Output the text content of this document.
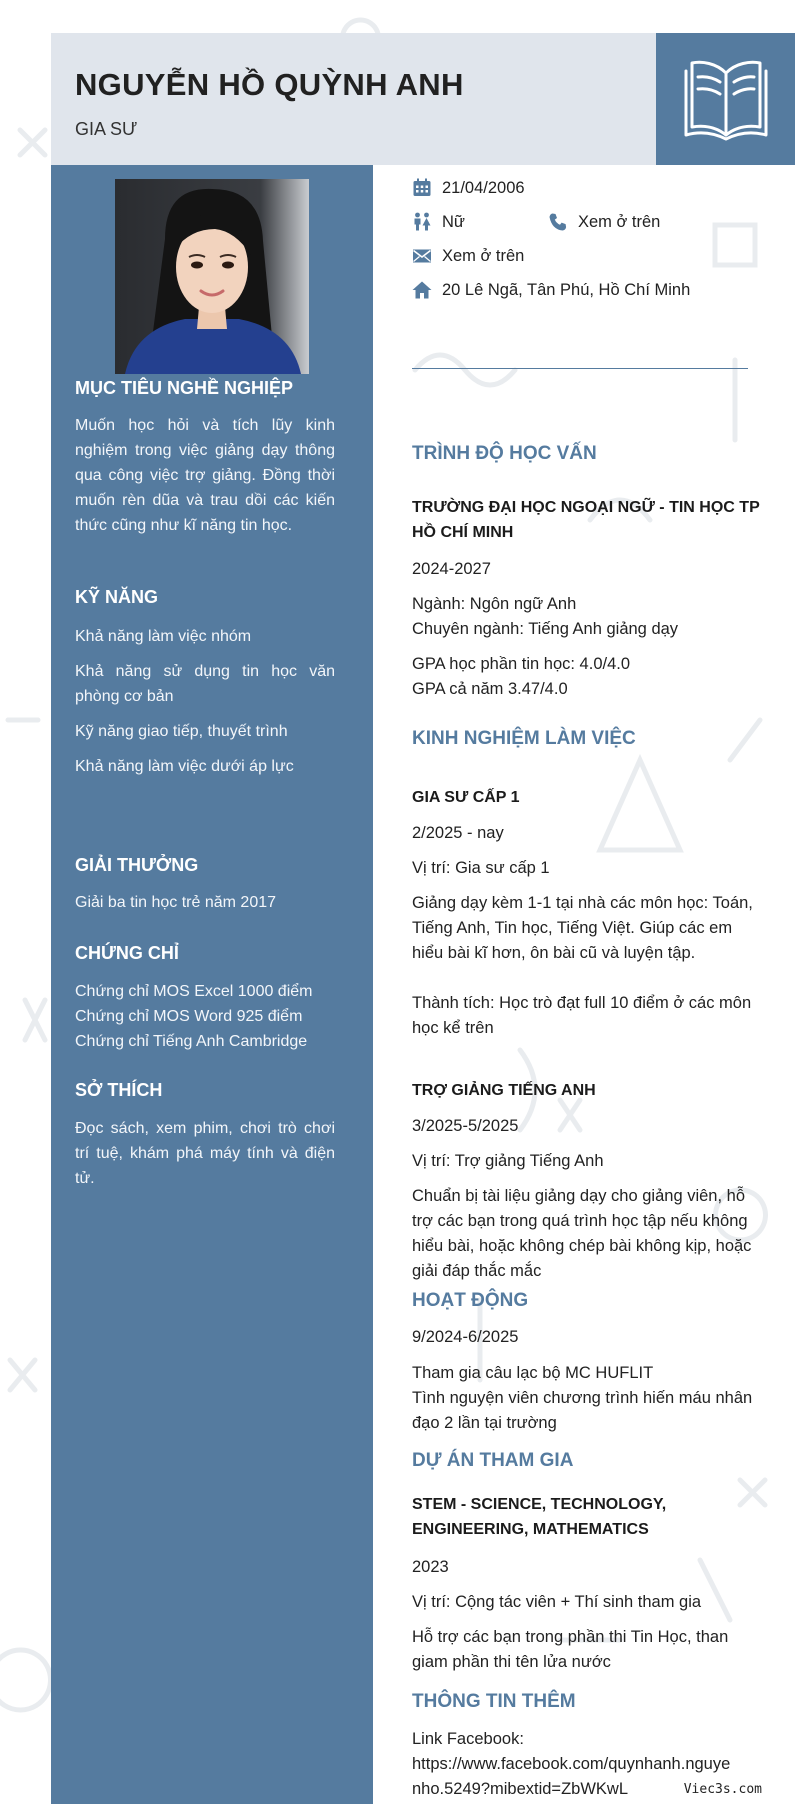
NGUYỄN HỒ QUỲNH ANH
GIA SƯ
MỤC TIÊU NGHỀ NGHIỆP
Muốn học hỏi và tích lũy kinh nghiệm trong việc giảng dạy thông qua công việc trợ giảng. Đồng thời muốn rèn dũa và trau dồi các kiến thức cũng như kĩ năng tin học.
KỸ NĂNG
Khả năng làm việc nhóm
Khả năng sử dụng tin học văn phòng cơ bản
Kỹ năng giao tiếp, thuyết trình
Khả năng làm việc dưới áp lực
GIẢI THƯỞNG
Giải ba tin học trẻ năm 2017
CHỨNG CHỈ
Chứng chỉ MOS Excel 1000 điểm
Chứng chỉ MOS Word 925 điểm
Chứng chỉ Tiếng Anh Cambridge
SỞ THÍCH
Đọc sách, xem phim, chơi trò chơi trí tuệ, khám phá máy tính và điện tử.
21/04/2006
Nữ	Xem ở trên
Xem ở trên
20 Lê Ngã, Tân Phú, Hồ Chí Minh
TRÌNH ĐỘ HỌC VẤN
TRƯỜNG ĐẠI HỌC NGOẠI NGỮ - TIN HỌC TP HỒ CHÍ MINH
2024-2027
Ngành: Ngôn ngữ Anh
Chuyên ngành: Tiếng Anh giảng dạy
GPA học phần tin học: 4.0/4.0
GPA cả năm 3.47/4.0
KINH NGHIỆM LÀM VIỆC
GIA SƯ CẤP 1
2/2025 - nay
Vị trí: Gia sư cấp 1
Giảng dạy kèm 1-1 tại nhà các môn học: Toán, Tiếng Anh, Tin học, Tiếng Việt. Giúp các em hiểu bài kĩ hơn, ôn bài cũ và luyện tập.
Thành tích: Học trò đạt full 10 điểm ở các môn học kể trên
TRỢ GIẢNG TIẾNG ANH
3/2025-5/2025
Vị trí: Trợ giảng Tiếng Anh
Chuẩn bị tài liệu giảng dạy cho giảng viên, hỗ trợ các bạn trong quá trình học tập nếu không hiểu bài, hoặc không chép bài không kịp, hoặc giải đáp thắc mắc
HOẠT ĐỘNG
9/2024-6/2025
Tham gia câu lạc bộ MC HUFLIT
Tình nguyện viên chương trình hiến máu nhân đạo 2 lần tại trường
DỰ ÁN THAM GIA
STEM - SCIENCE, TECHNOLOGY, ENGINEERING, MATHEMATICS
2023
Vị trí: Cộng tác viên + Thí sinh tham gia
Hỗ trợ các bạn trong phần thi Tin Học, than giam phần thi tên lửa nước
THÔNG TIN THÊM
Link Facebook:
https://www.facebook.com/quynhanh.nguye
nho.5249?mibextid=ZbWKwL	Viec3s.com
